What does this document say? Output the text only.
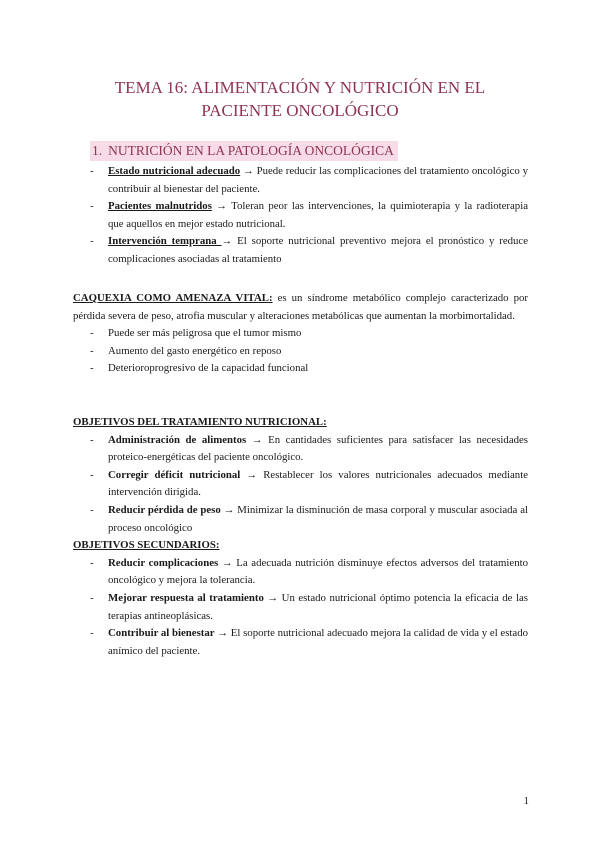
TEMA 16: ALIMENTACIÓN Y NUTRICIÓN EN EL
PACIENTE ONCOLÓGICO
1. NUTRICIÓN EN LA PATOLOGÍA ONCOLÓGICA
- Estado nutricional adecuado → Puede reducir las complicaciones del tratamiento oncológico y contribuir al bienestar del paciente.
- Pacientes malnutridos → Toleran peor las intervenciones, la quimioterapia y la radioterapia que aquellos en mejor estado nutricional.
- Intervención temprana → El soporte nutricional preventivo mejora el pronóstico y reduce complicaciones asociadas al tratamiento

CAQUEXIA COMO AMENAZA VITAL: es un síndrome metabólico complejo caracterizado por pérdida severa de peso, atrofia muscular y alteraciones metabólicas que aumentan la morbimortalidad.

- Puede ser más peligrosa que el tumor mismo
- Aumento del gasto energético en reposo
- Deterioroprogresivo de la capacidad funcional

OBJETIVOS DEL TRATAMIENTO NUTRICIONAL:

- Administración de alimentos → En cantidades suficientes para satisfacer las necesidades proteico-energéticas del paciente oncológico.
- Corregir déficit nutricional → Restablecer los valores nutricionales adecuados mediante intervención dirigida.
- Reducir pérdida de peso → Minimizar la disminución de masa corporal y muscular asociada al proceso oncológico

OBJETIVOS SECUNDARIOS:

- Reducir complicaciones → La adecuada nutrición disminuye efectos adversos del tratamiento oncológico y mejora la tolerancia.
- Mejorar respuesta al tratamiento → Un estado nutricional óptimo potencia la eficacia de las terapias antineoplásicas.
- Contribuir al bienestar → El soporte nutricional adecuado mejora la calidad de vida y el estado anímico del paciente.
1
